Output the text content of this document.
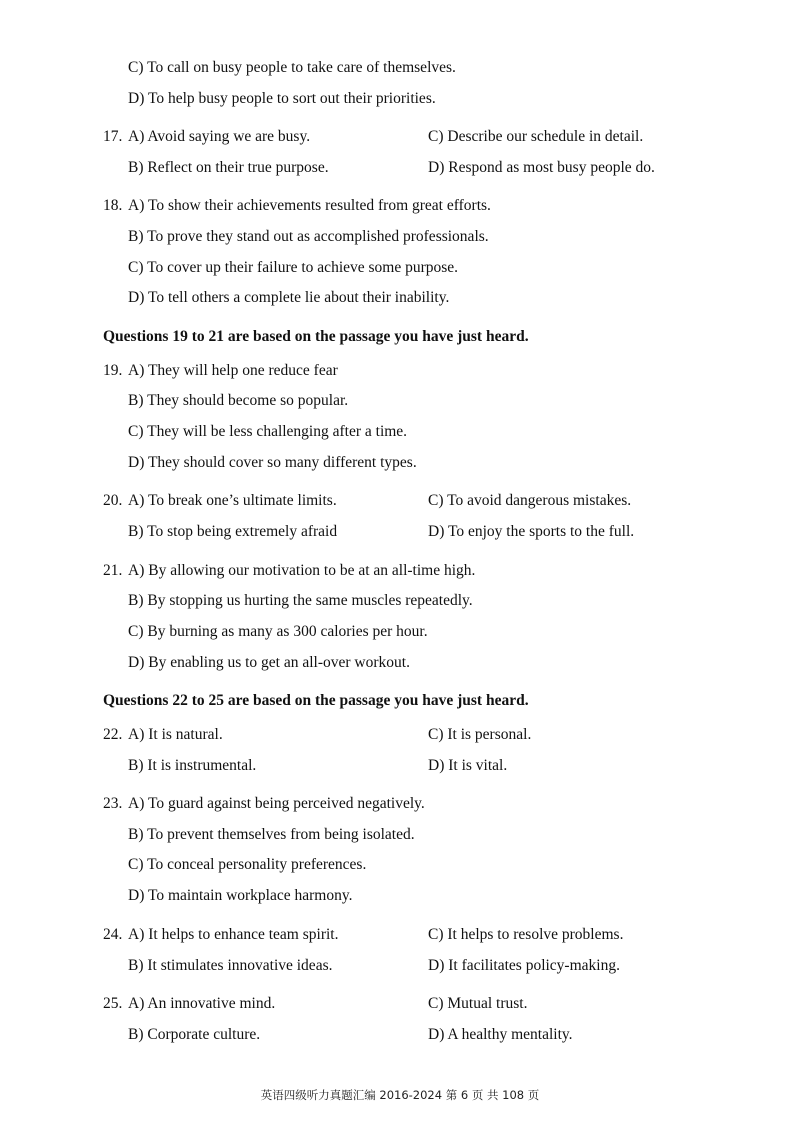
C) To call on busy people to take care of themselves.
D) To help busy people to sort out their priorities.
17. A) Avoid saying we are busy.	C) Describe our schedule in detail.
B) Reflect on their true purpose.	D) Respond as most busy people do.
18. A) To show their achievements resulted from great efforts.
B) To prove they stand out as accomplished professionals.
C) To cover up their failure to achieve some purpose.
D) To tell others a complete lie about their inability.
Questions 19 to 21 are based on the passage you have just heard.
19. A) They will help one reduce fear
B) They should become so popular.
C) They will be less challenging after a time.
D) They should cover so many different types.
20. A) To break one’s ultimate limits.	C) To avoid dangerous mistakes.
B) To stop being extremely afraid	D) To enjoy the sports to the full.
21. A) By allowing our motivation to be at an all-time high.
B) By stopping us hurting the same muscles repeatedly.
C) By burning as many as 300 calories per hour.
D) By enabling us to get an all-over workout.
Questions 22 to 25 are based on the passage you have just heard.
22. A) It is natural.	C) It is personal.
B) It is instrumental.	D) It is vital.
23. A) To guard against being perceived negatively.
B) To prevent themselves from being isolated.
C) To conceal personality preferences.
D) To maintain workplace harmony.
24. A) It helps to enhance team spirit.	C) It helps to resolve problems.
B) It stimulates innovative ideas.	D) It facilitates policy-making.
25. A) An innovative mind.	C) Mutual trust.
B) Corporate culture.	D) A healthy mentality.
英语四级听力真题汇编 2016-2024 第 6 页 共 108 页
